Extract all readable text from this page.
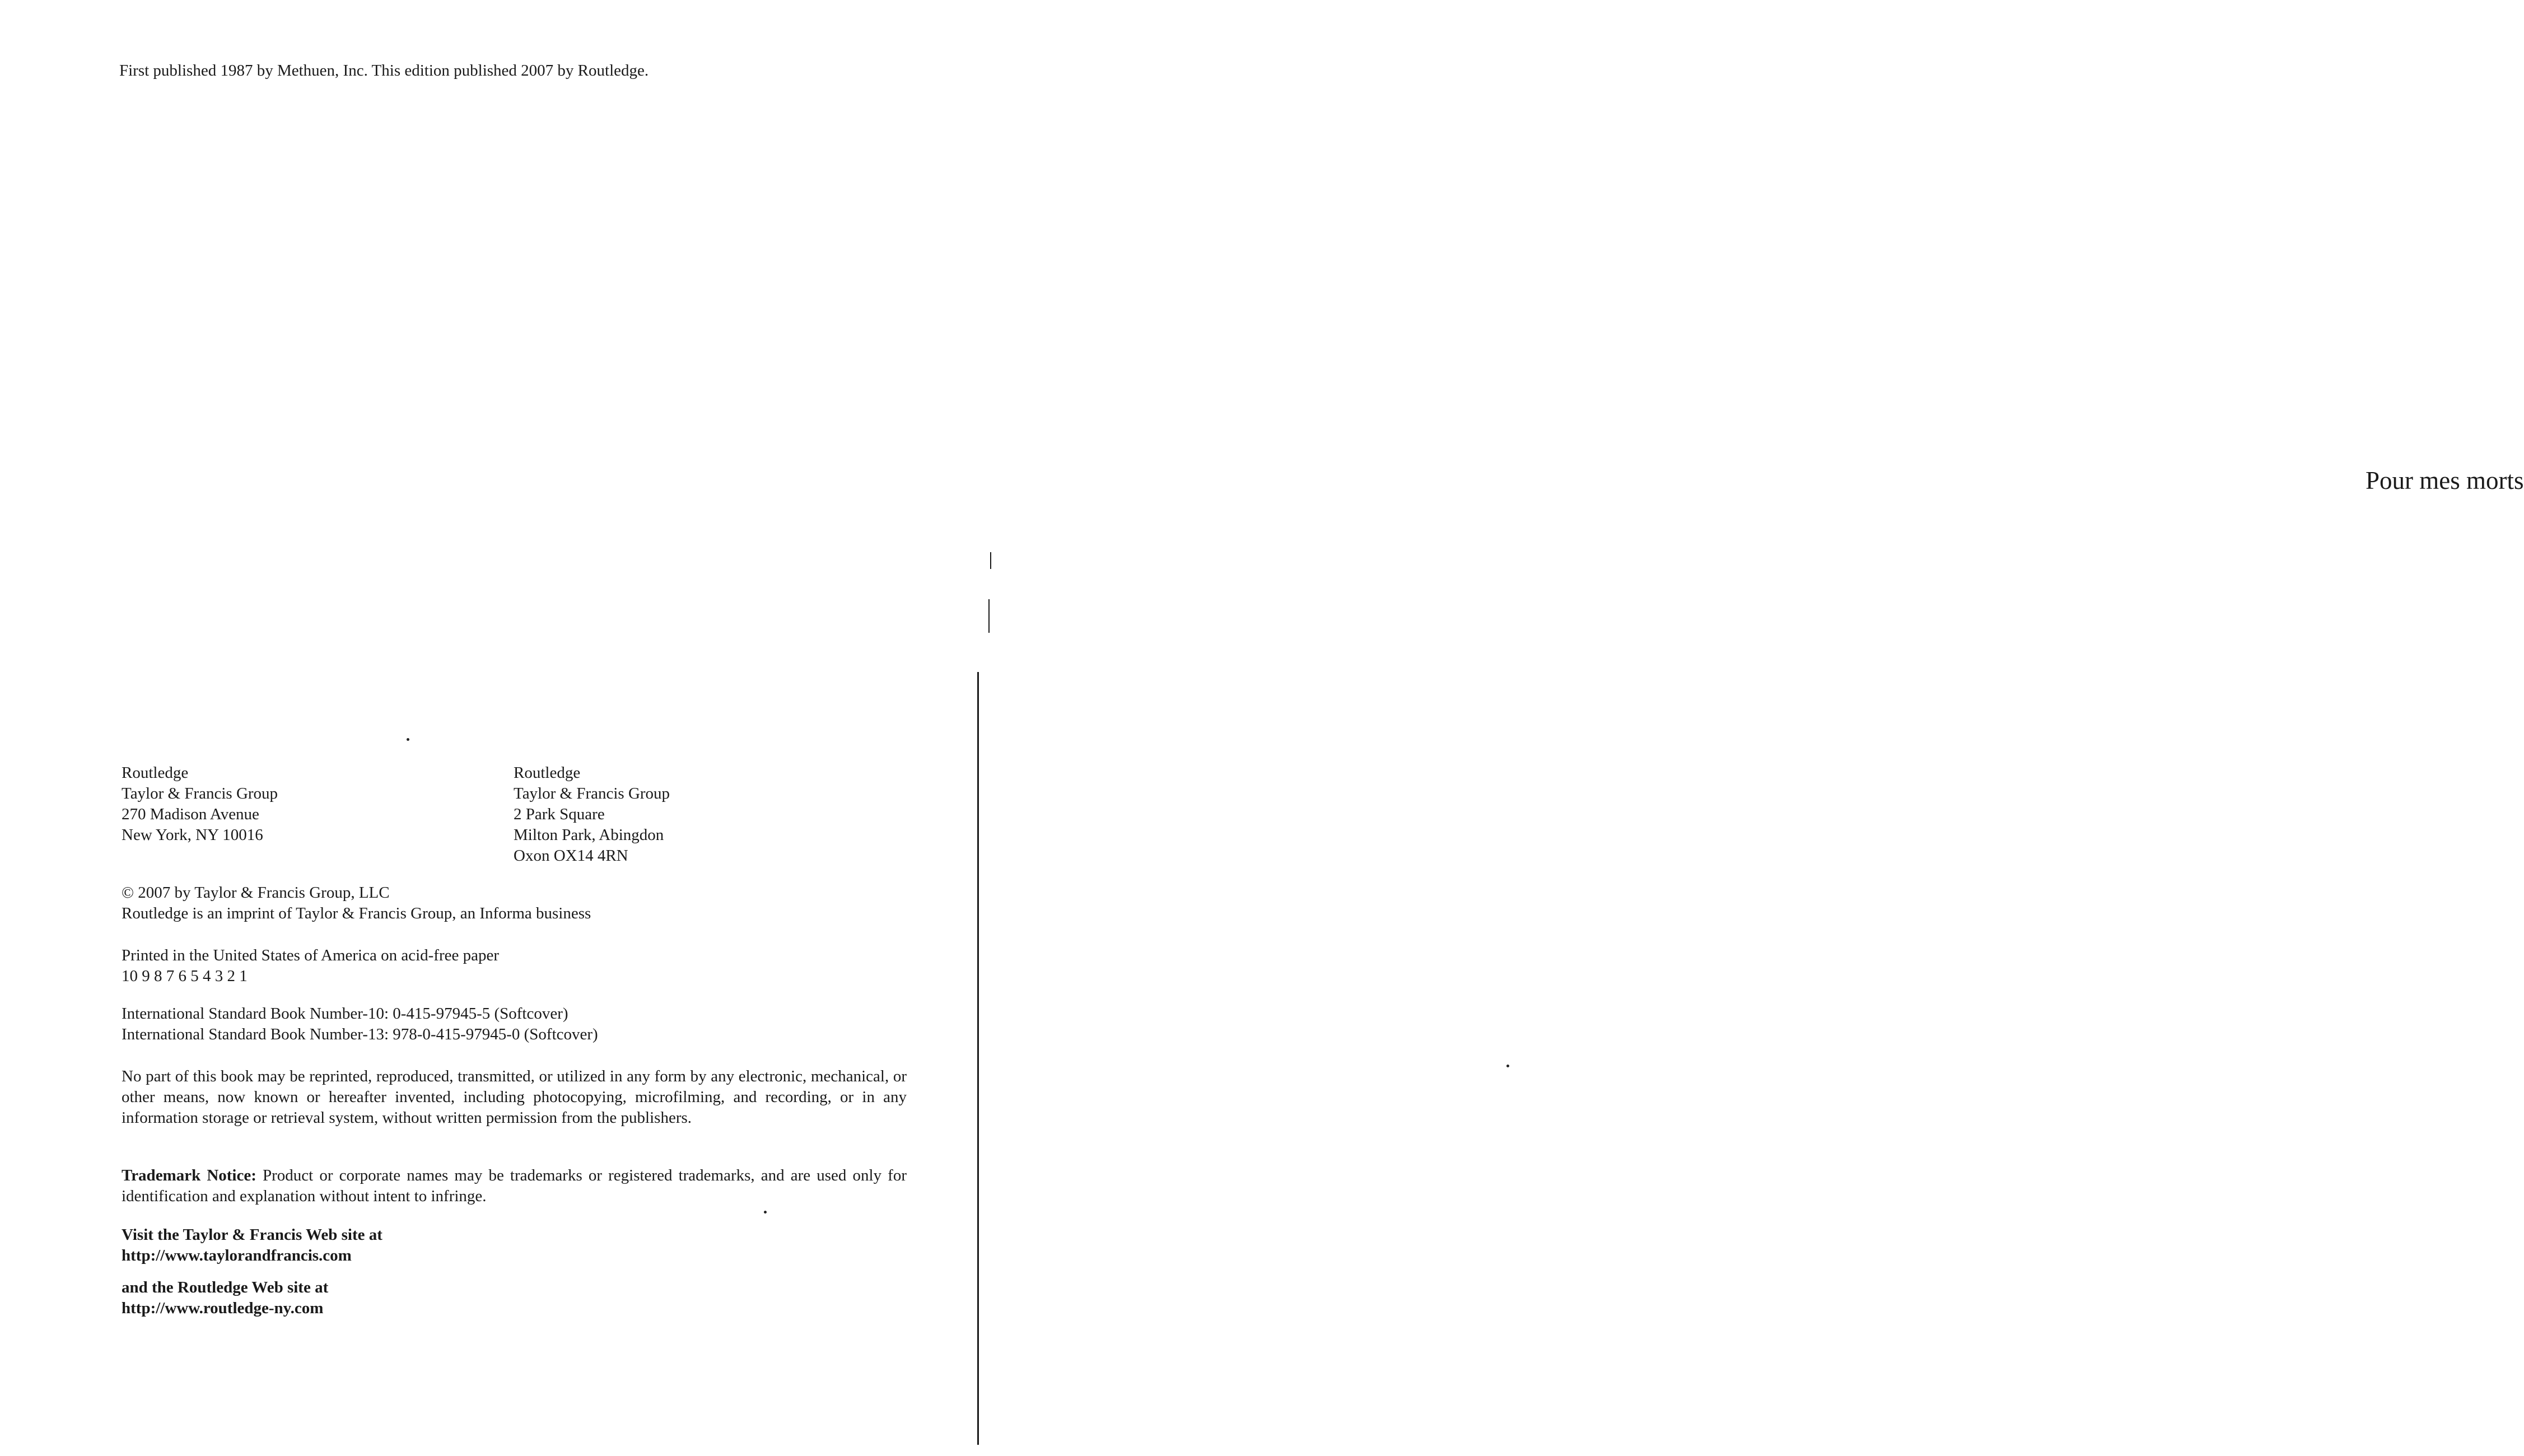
First published 1987 by Methuen, Inc. This edition published 2007 by Routledge.
Routledge
Taylor & Francis Group
270 Madison Avenue
New York, NY 10016
Routledge
Taylor & Francis Group
2 Park Square
Milton Park, Abingdon
Oxon OX14 4RN
© 2007 by Taylor & Francis Group, LLC
Routledge is an imprint of Taylor & Francis Group, an Informa business
Printed in the United States of America on acid-free paper
10 9 8 7 6 5 4 3 2 1
International Standard Book Number-10: 0-415-97945-5 (Softcover)
International Standard Book Number-13: 978-0-415-97945-0 (Softcover)

No part of this book may be reprinted, reproduced, transmitted, or utilized in any form by any electronic, mechanical, or other means, now known or hereafter invented, including photocopying, microfilming, and recording, or in any information storage or retrieval system, without written permission from the publishers.

Trademark Notice: Product or corporate names may be trademarks or registered trademarks, and are used only for identification and explanation without intent to infringe.

Visit the Taylor & Francis Web site at
http://www.taylorandfrancis.com
and the Routledge Web site at
http://www.routledge-ny.com
Pour mes morts
